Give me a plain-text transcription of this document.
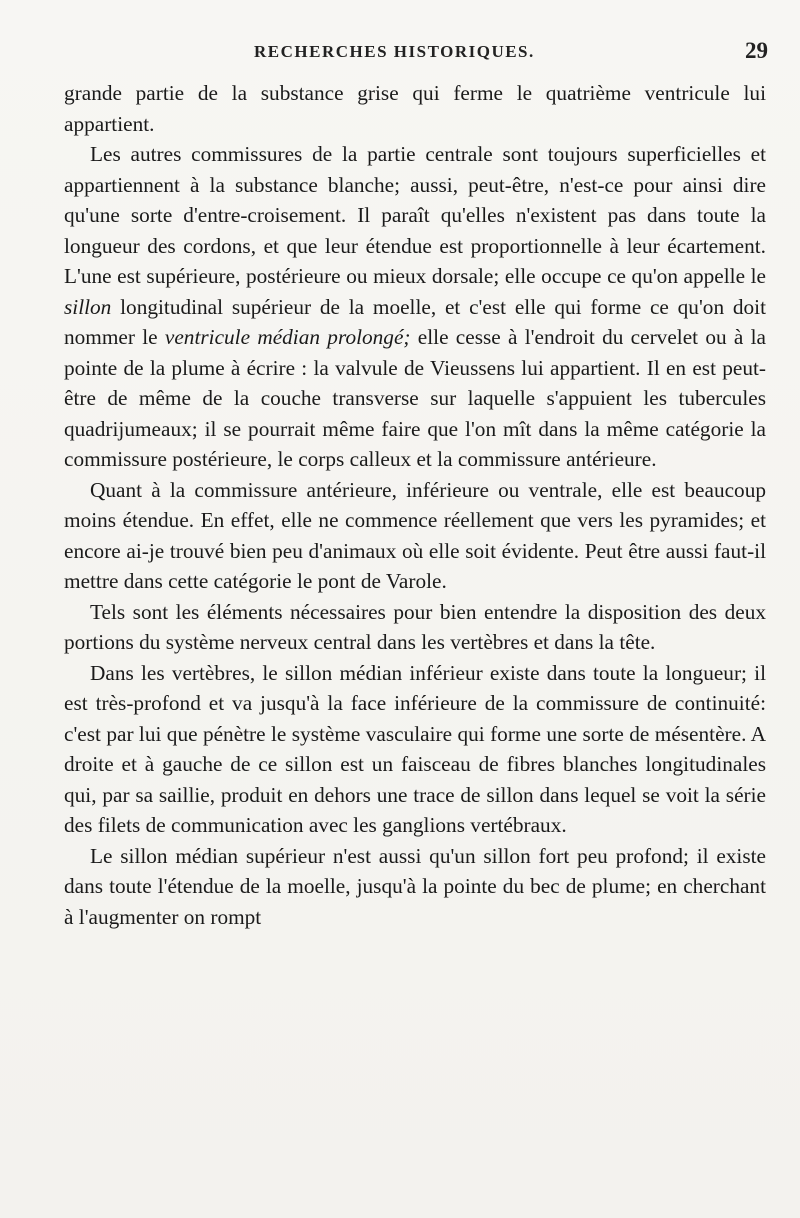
RECHERCHES HISTORIQUES.	29

grande partie de la substance grise qui ferme le quatrième ventricule lui appartient.

Les autres commissures de la partie centrale sont toujours superficielles et appartiennent à la substance blanche; aussi, peut-être, n'est-ce pour ainsi dire qu'une sorte d'entre-croisement. Il paraît qu'elles n'existent pas dans toute la longueur des cordons, et que leur étendue est proportionnelle à leur écartement. L'une est supérieure, postérieure ou mieux dorsale; elle occupe ce qu'on appelle le sillon longitudinal supérieur de la moelle, et c'est elle qui forme ce qu'on doit nommer le ventricule médian prolongé; elle cesse à l'endroit du cervelet ou à la pointe de la plume à écrire : la valvule de Vieussens lui appartient. Il en est peut-être de même de la couche transverse sur laquelle s'appuient les tubercules quadrijumeaux; il se pourrait même faire que l'on mît dans la même catégorie la commissure postérieure, le corps calleux et la commissure antérieure.

Quant à la commissure antérieure, inférieure ou ventrale, elle est beaucoup moins étendue. En effet, elle ne commence réellement que vers les pyramides; et encore ai-je trouvé bien peu d'animaux où elle soit évidente. Peut être aussi faut-il mettre dans cette catégorie le pont de Varole.

Tels sont les éléments nécessaires pour bien entendre la disposition des deux portions du système nerveux central dans les vertèbres et dans la tête.

Dans les vertèbres, le sillon médian inférieur existe dans toute la longueur; il est très-profond et va jusqu'à la face inférieure de la commissure de continuité: c'est par lui que pénètre le système vasculaire qui forme une sorte de mésentère. A droite et à gauche de ce sillon est un faisceau de fibres blanches longitudinales qui, par sa saillie, produit en dehors une trace de sillon dans lequel se voit la série des filets de communication avec les ganglions vertébraux.

Le sillon médian supérieur n'est aussi qu'un sillon fort peu profond; il existe dans toute l'étendue de la moelle, jusqu'à la pointe du bec de plume; en cherchant à l'augmenter on rompt
